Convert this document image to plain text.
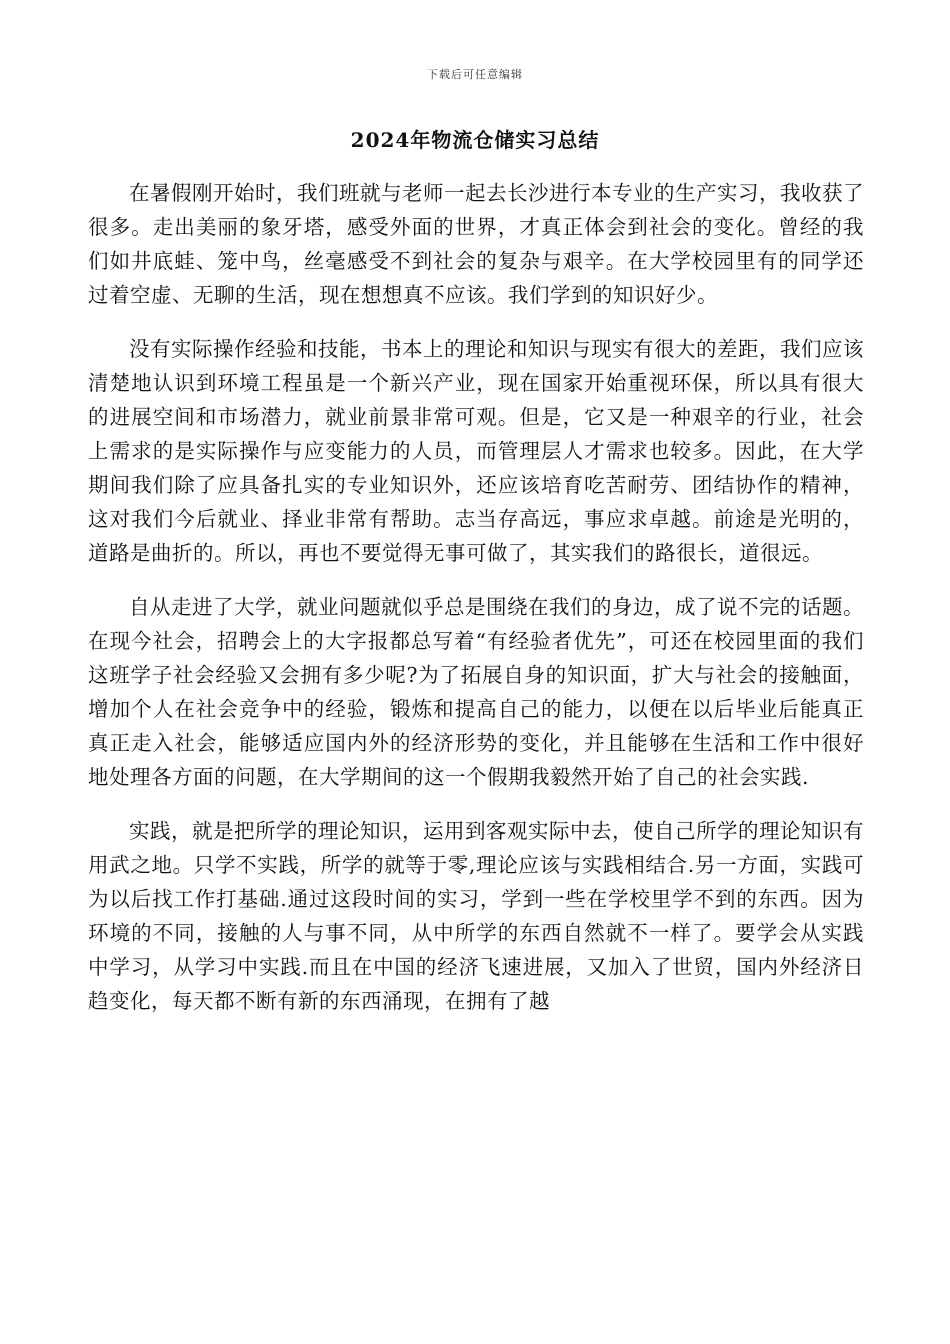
下载后可任意编辑
2024年物流仓储实习总结

在暑假刚开始时，我们班就与老师一起去长沙进行本专业的生产实习，我收获了很多。走出美丽的象牙塔，感受外面的世界，才真正体会到社会的变化。曾经的我们如井底蛙、笼中鸟，丝毫感受不到社会的复杂与艰辛。在大学校园里有的同学还过着空虚、无聊的生活，现在想想真不应该。我们学到的知识好少。

没有实际操作经验和技能，书本上的理论和知识与现实有很大的差距，我们应该清楚地认识到环境工程虽是一个新兴产业，现在国家开始重视环保，所以具有很大的进展空间和市场潜力，就业前景非常可观。但是，它又是一种艰辛的行业，社会上需求的是实际操作与应变能力的人员，而管理层人才需求也较多。因此，在大学期间我们除了应具备扎实的专业知识外，还应该培育吃苦耐劳、团结协作的精神，这对我们今后就业、择业非常有帮助。志当存高远，事应求卓越。前途是光明的，道路是曲折的。所以，再也不要觉得无事可做了，其实我们的路很长，道很远。

自从走进了大学，就业问题就似乎总是围绕在我们的身边，成了说不完的话题。在现今社会，招聘会上的大字报都总写着“有经验者优先”，可还在校园里面的我们这班学子社会经验又会拥有多少呢?为了拓展自身的知识面，扩大与社会的接触面，增加个人在社会竞争中的经验，锻炼和提高自己的能力，以便在以后毕业后能真正真正走入社会，能够适应国内外的经济形势的变化，并且能够在生活和工作中很好地处理各方面的问题，在大学期间的这一个假期我毅然开始了自己的社会实践.

实践，就是把所学的理论知识，运用到客观实际中去，使自己所学的理论知识有用武之地。只学不实践，所学的就等于零,理论应该与实践相结合.另一方面，实践可为以后找工作打基础.通过这段时间的实习，学到一些在学校里学不到的东西。因为环境的不同，接触的人与事不同，从中所学的东西自然就不一样了。要学会从实践中学习，从学习中实践.而且在中国的经济飞速进展，又加入了世贸，国内外经济日趋变化，每天都不断有新的东西涌现，在拥有了越
